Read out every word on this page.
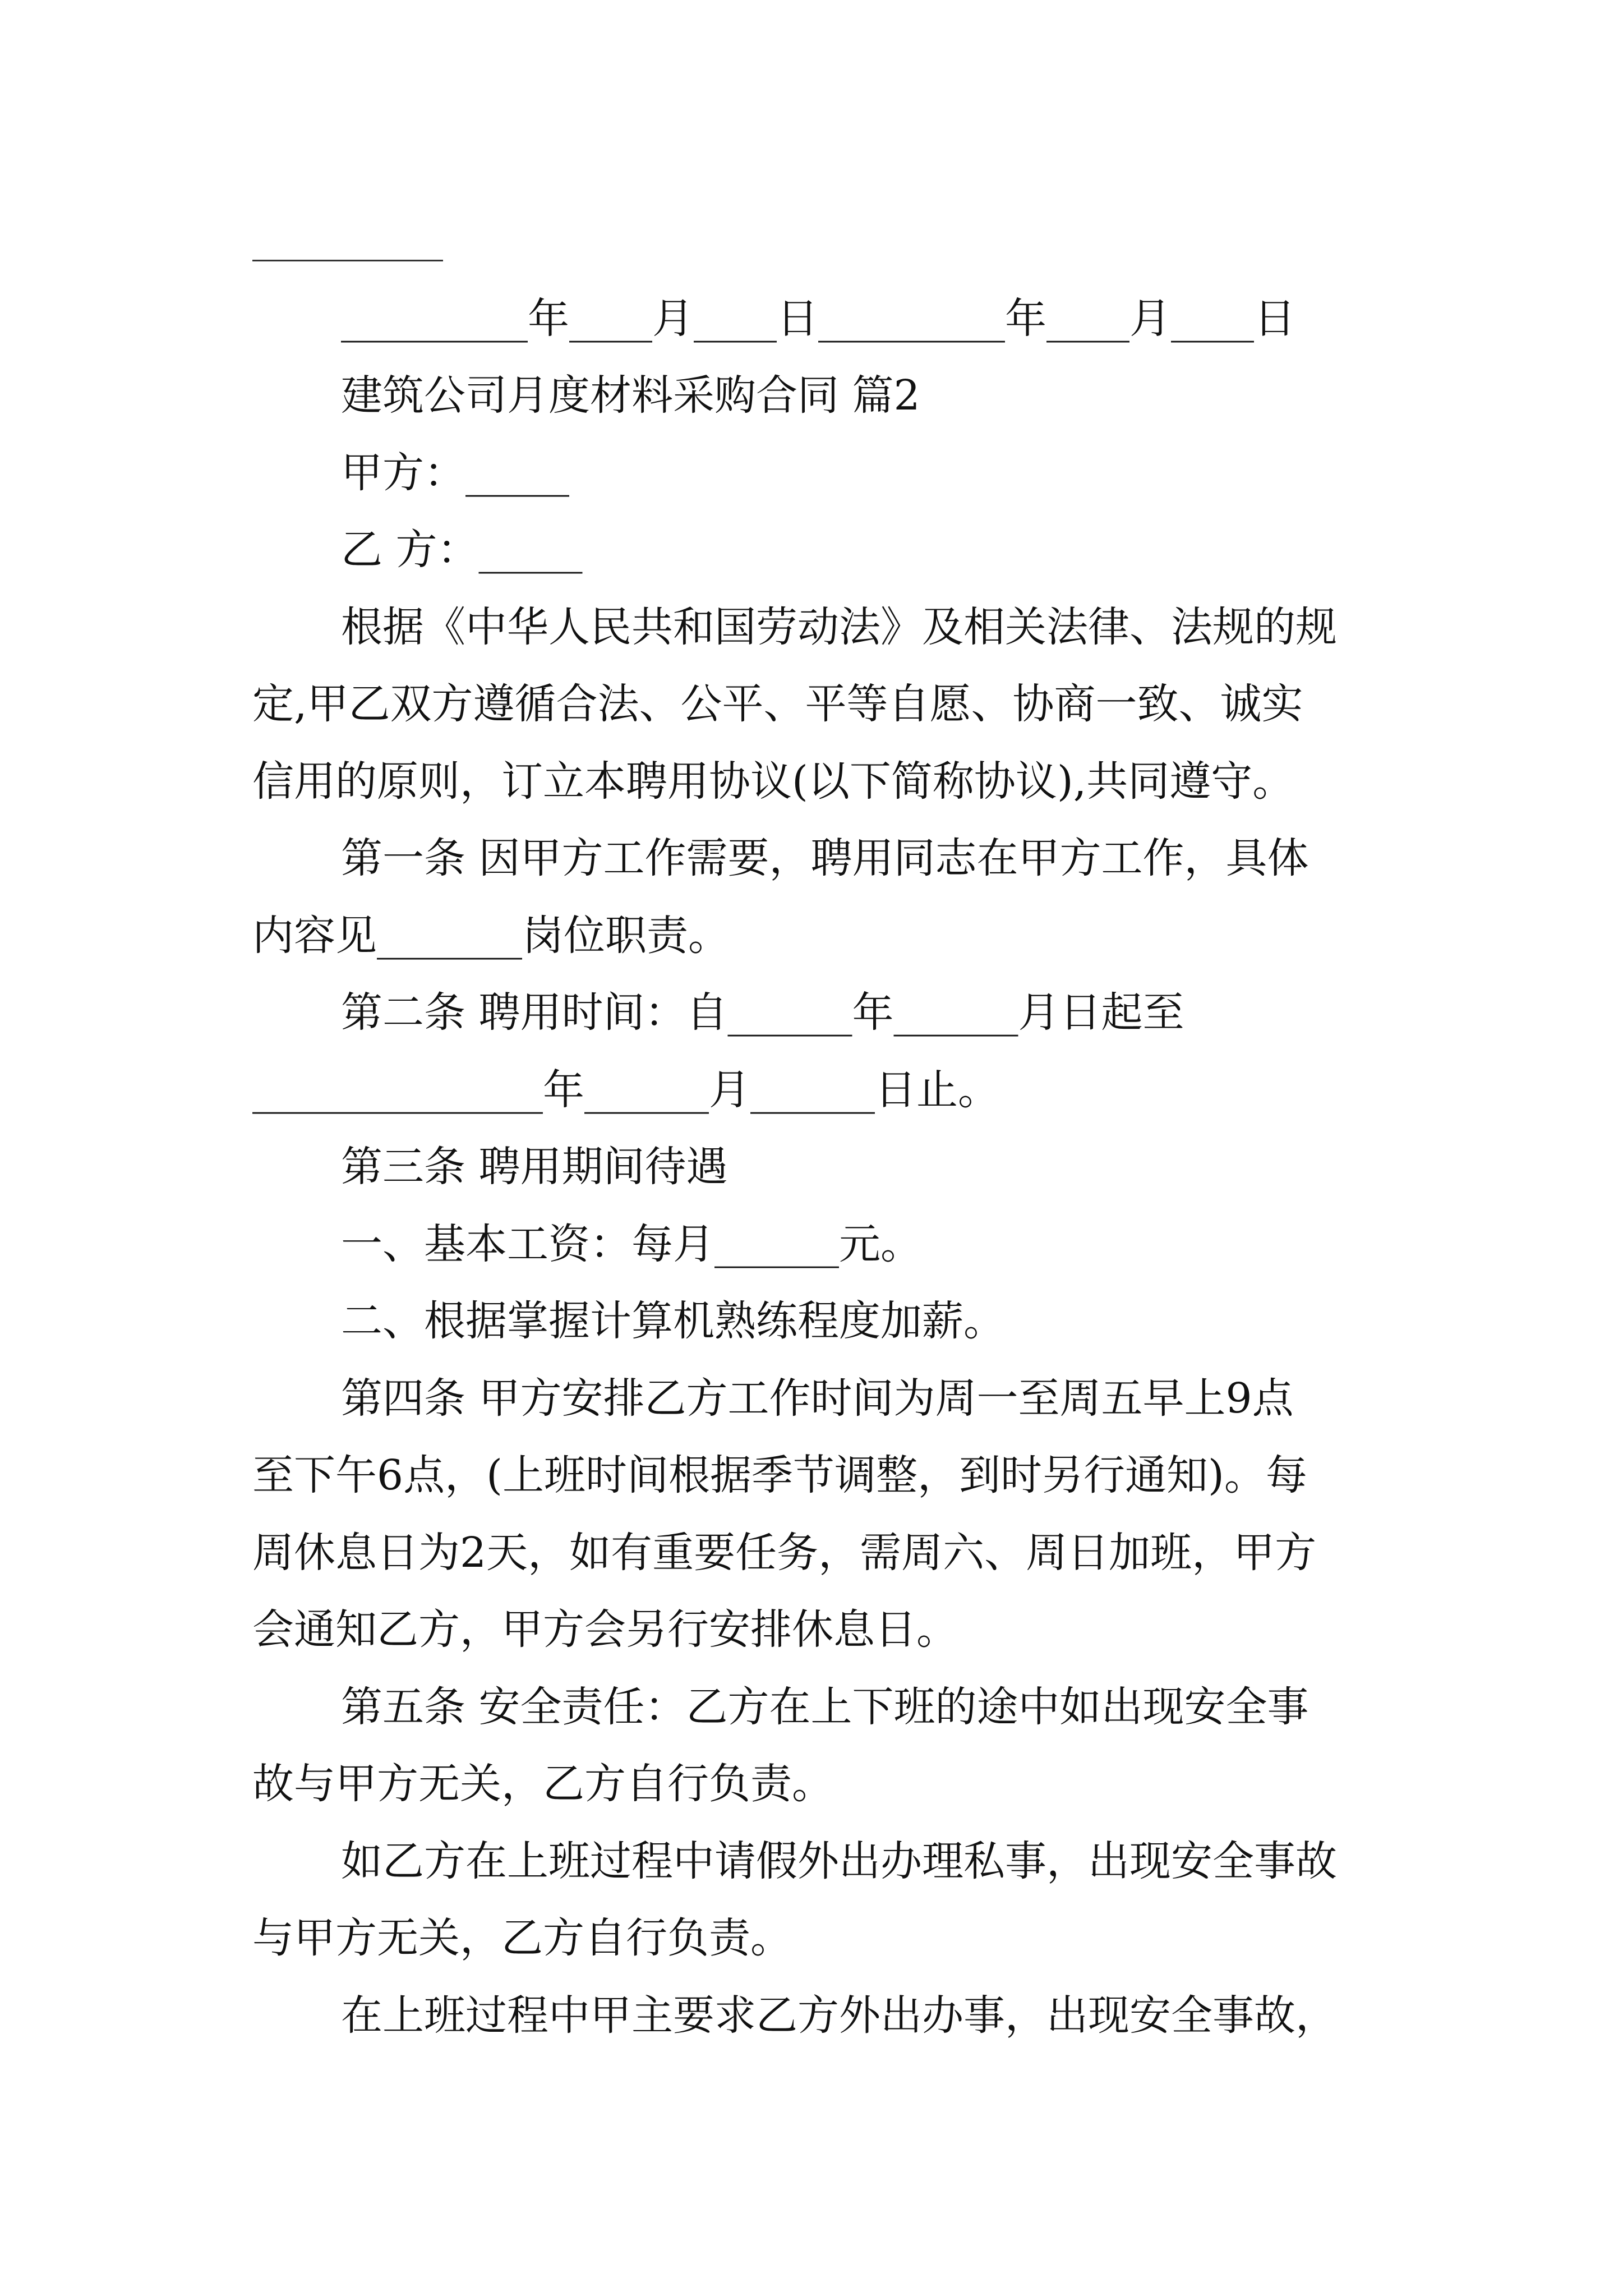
_________年____月____日_________年____月____日
建筑公司月度材料采购合同 篇2
甲方：_____
乙 方：_____
根据《中华人民共和国劳动法》及相关法律、法规的规
定,甲乙双方遵循合法、公平、平等自愿、协商一致、诚实
信用的原则，订立本聘用协议(以下简称协议),共同遵守。
第一条 因甲方工作需要，聘用同志在甲方工作，具体
内容见_______岗位职责。
第二条 聘用时间：自______年______月日起至
______________年______月______日止。
第三条 聘用期间待遇
一、基本工资：每月______元。
二、根据掌握计算机熟练程度加薪。
第四条 甲方安排乙方工作时间为周一至周五早上9点
至下午6点，(上班时间根据季节调整，到时另行通知)。每
周休息日为2天，如有重要任务，需周六、周日加班，甲方
会通知乙方，甲方会另行安排休息日。
第五条 安全责任：乙方在上下班的途中如出现安全事
故与甲方无关，乙方自行负责。
如乙方在上班过程中请假外出办理私事，出现安全事故
与甲方无关，乙方自行负责。
在上班过程中甲主要求乙方外出办事，出现安全事故，
